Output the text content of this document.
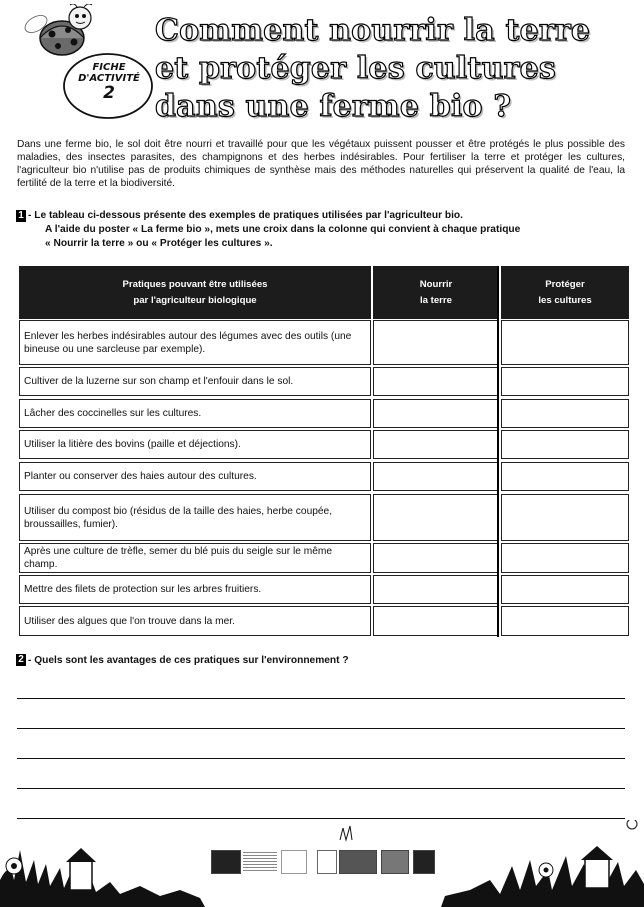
FICHE
D'ACTIVITÉ
2
Comment nourrir la terre
et protéger les cultures
dans une ferme bio ?

Dans une ferme bio, le sol doit être nourri et travaillé pour que les végétaux puissent pousser et être protégés le plus possible des maladies, des insectes parasites, des champignons et des herbes indésirables. Pour fertiliser la terre et protéger les cultures, l'agriculteur bio n'utilise pas de produits chimiques de synthèse mais des méthodes naturelles qui préservent la qualité de l'eau, la fertilité de la terre et la biodiversité.

1 - Le tableau ci-dessous présente des exemples de pratiques utilisées par l'agriculteur bio.
A l'aide du poster « La ferme bio », mets une croix dans la colonne qui convient à chaque pratique
« Nourrir la terre » ou « Protéger les cultures ».

Pratiques pouvant être utilisées
par l'agriculteur biologique
Nourrir
la terre
Protéger
les cultures
Enlever les herbes indésirables autour des légumes avec des outils (une bineuse ou une sarcleuse par exemple).
Cultiver de la luzerne sur son champ et l'enfouir dans le sol.
Lâcher des coccinelles sur les cultures.
Utiliser la litière des bovins (paille et déjections).
Planter ou conserver des haies autour des cultures.
Utiliser du compost bio (résidus de la taille des haies, herbe coupée, broussailles, fumier).
Après une culture de trèfle, semer du blé puis du seigle sur le même champ.
Mettre des filets de protection sur les arbres fruitiers.
Utiliser des algues que l'on trouve dans la mer.
2 - Quels sont les avantages de ces pratiques sur l'environnement ?
